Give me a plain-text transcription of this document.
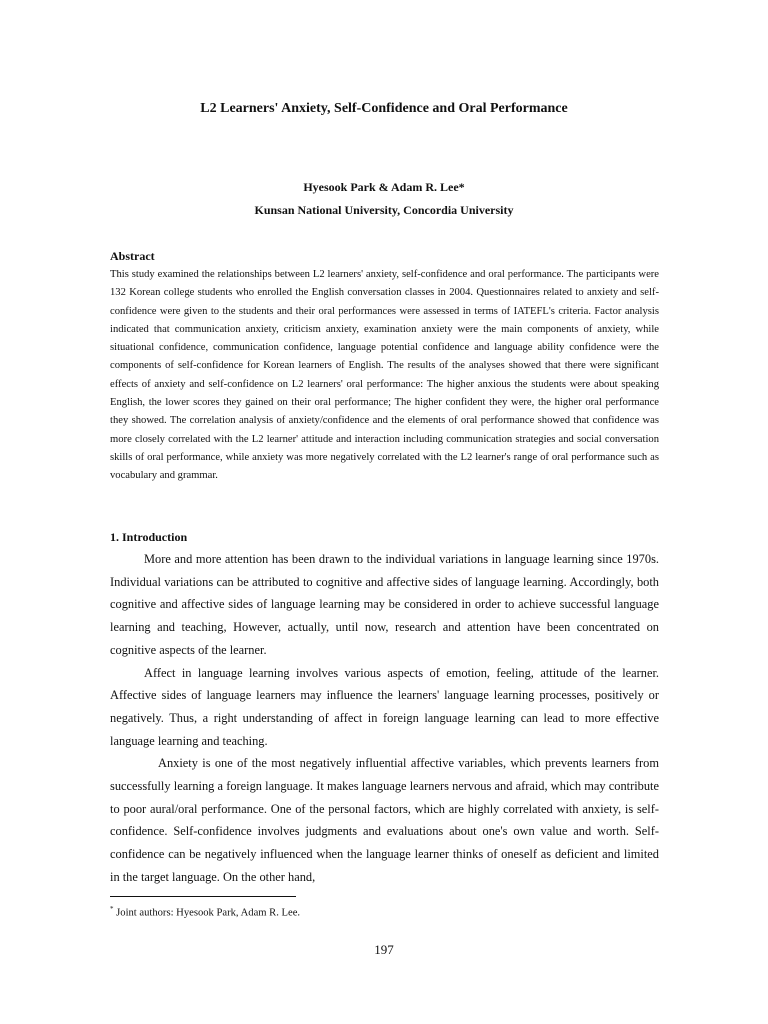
L2 Learners' Anxiety, Self-Confidence and Oral Performance
Hyesook Park & Adam R. Lee*
Kunsan National University, Concordia University
Abstract

This study examined the relationships between L2 learners' anxiety, self-confidence and oral performance. The participants were 132 Korean college students who enrolled the English conversation classes in 2004. Questionnaires related to anxiety and self-confidence were given to the students and their oral performances were assessed in terms of IATEFL's criteria. Factor analysis indicated that communication anxiety, criticism anxiety, examination anxiety were the main components of anxiety, while situational confidence, communication confidence, language potential confidence and language ability confidence were the components of self-confidence for Korean learners of English. The results of the analyses showed that there were significant effects of anxiety and self-confidence on L2 learners' oral performance: The higher anxious the students were about speaking English, the lower scores they gained on their oral performance; The higher confident they were, the higher oral performance they showed. The correlation analysis of anxiety/confidence and the elements of oral performance showed that confidence was more closely correlated with the L2 learner' attitude and interaction including communication strategies and social conversation skills of oral performance, while anxiety was more negatively correlated with the L2 learner's range of oral performance such as vocabulary and grammar.

1. Introduction

More and more attention has been drawn to the individual variations in language learning since 1970s. Individual variations can be attributed to cognitive and affective sides of language learning. Accordingly, both cognitive and affective sides of language learning may be considered in order to achieve successful language learning and teaching, However, actually, until now, research and attention have been concentrated on cognitive aspects of the learner.

Affect in language learning involves various aspects of emotion, feeling, attitude of the learner. Affective sides of language learners may influence the learners' language learning processes, positively or negatively. Thus, a right understanding of affect in foreign language learning can lead to more effective language learning and teaching.

Anxiety is one of the most negatively influential affective variables, which prevents learners from successfully learning a foreign language. It makes language learners nervous and afraid, which may contribute to poor aural/oral performance. One of the personal factors, which are highly correlated with anxiety, is self-confidence. Self-confidence involves judgments and evaluations about one's own value and worth. Self-confidence can be negatively influenced when the language learner thinks of oneself as deficient and limited in the target language. On the other hand,

* Joint authors: Hyesook Park, Adam R. Lee.
197
